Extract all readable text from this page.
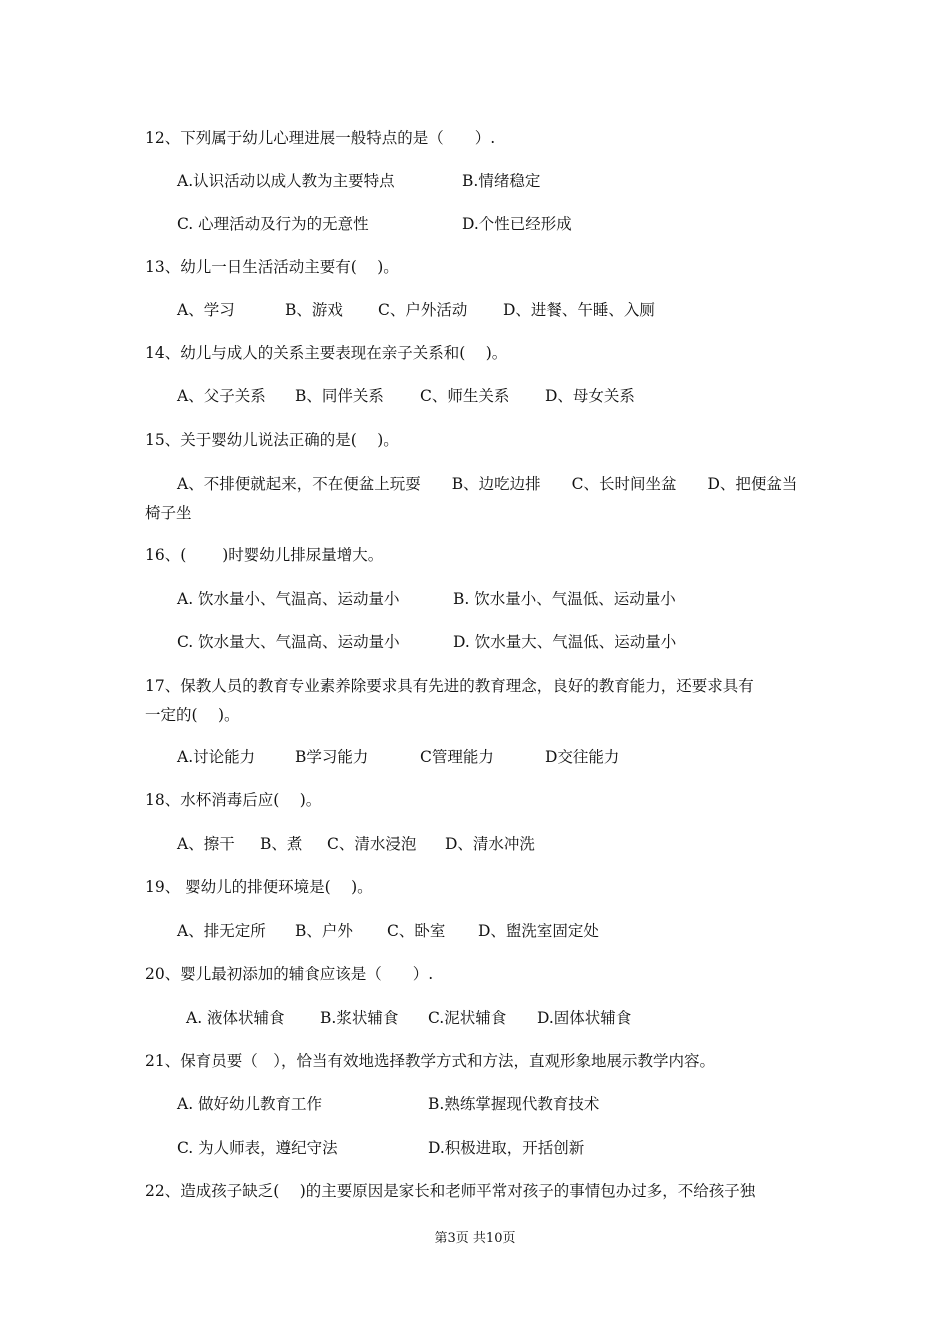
12、下列属于幼儿心理进展一般特点的是（　　）.

A.认识活动以成人教为主要特点

	B.情绪稳定

C. 心理活动及行为的无意性

	D.个性已经形成

13、幼儿一日生活活动主要有(　 )。

A、学习

	B、游戏

C、户外活动

D、进餐、午睡、入厕

14、幼儿与成人的关系主要表现在亲子关系和(　 )。

A、父子关系

B、同伴关系

C、师生关系

D、母女关系

15、关于婴幼儿说法正确的是(　 )。
A、不排便就起来，不在便盆上玩耍　　B、边吃边排　　C、长时间坐盆　　D、把便盆当
椅子坐
16、(　　 )时婴幼儿排尿量增大。

A. 饮水量小、气温高、运动量小

	B. 饮水量小、气温低、运动量小

C. 饮水量大、气温高、运动量小

	D. 饮水量大、气温低、运动量小

17、保教人员的教育专业素养除要求具有先进的教育理念，良好的教育能力，还要求具有
一定的(　 )。

A.讨论能力

	B学习能力

	C管理能力

	D交往能力

18、水杯消毒后应(　 )。

A、擦干

B、煮

C、清水浸泡

D、清水冲洗

19、 婴幼儿的排便环境是(　 )。

A、排无定所

B、户外

C、卧室

D、盥洗室固定处

20、婴儿最初添加的辅食应该是（　　）.

A. 液体状辅食

B.浆状辅食

C.泥状辅食

D.固体状辅食

21、保育员要（　），恰当有效地选择教学方式和方法，直观形象地展示教学内容。

A. 做好幼儿教育工作

	B.熟练掌握现代教育技术

C. 为人师表，遵纪守法

	D.积极进取，开括创新

22、造成孩子缺乏(　 )的主要原因是家长和老师平常对孩子的事情包办过多，不给孩子独
第3页 共10页
